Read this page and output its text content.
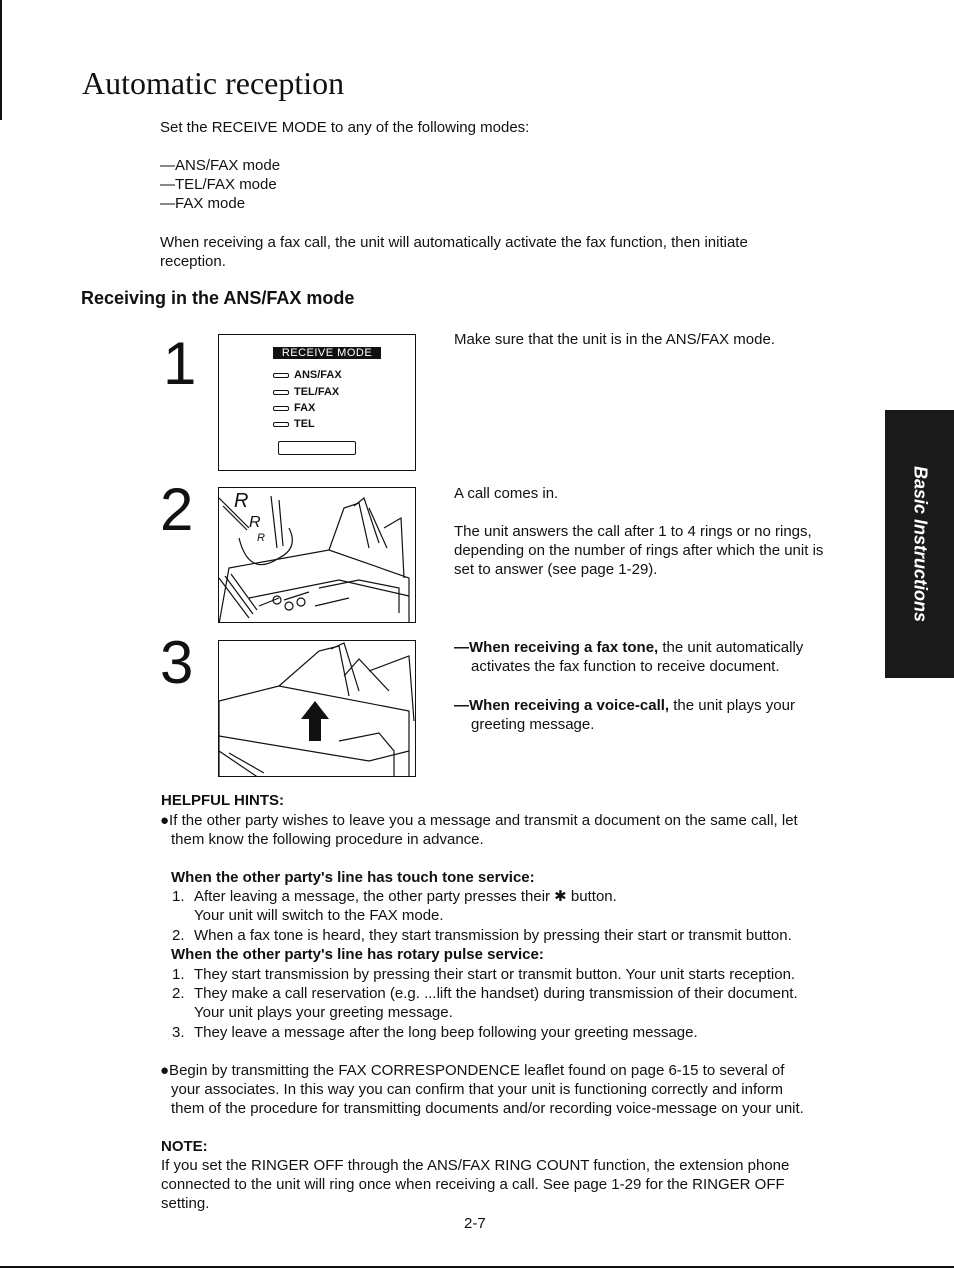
Automatic reception
Set the RECEIVE MODE to any of the following modes:
—ANS/FAX mode
—TEL/FAX mode
—FAX mode
When receiving a fax call, the unit will automatically activate the fax function, then initiate
reception.
Receiving in the ANS/FAX mode
Basic Instructions
1	RECEIVE MODE
ANS/FAX
TEL/FAX
FAX
TEL
Make sure that the unit is in the ANS/FAX mode.
2 R
R
R
A call comes in.
The unit answers the call after 1 to 4 rings or no rings,
depending on the number of rings after which the unit is
set to answer (see page 1-29).
3	—When receiving a fax tone, the unit automatically
activates the fax function to receive document.
—When receiving a voice-call, the unit plays your
greeting message.
HELPFUL HINTS:
●If the other party wishes to leave you a message and transmit a document on the same call, let
them know the following procedure in advance.
When the other party's line has touch tone service:
1. After leaving a message, the other party presses their ✱ button.
Your unit will switch to the FAX mode.
2. When a fax tone is heard, they start transmission by pressing their start or transmit button.
When the other party's line has rotary pulse service:
1. They start transmission by pressing their start or transmit button. Your unit starts reception.
2. They make a call reservation (e.g. ...lift the handset) during transmission of their document.
Your unit plays your greeting message.
3. They leave a message after the long beep following your greeting message.
●Begin by transmitting the FAX CORRESPONDENCE leaflet found on page 6-15 to several of
your associates. In this way you can confirm that your unit is functioning correctly and inform
them of the procedure for transmitting documents and/or recording voice-message on your unit.
NOTE:
If you set the RINGER OFF through the ANS/FAX RING COUNT function, the extension phone
connected to the unit will ring once when receiving a call. See page 1-29 for the RINGER OFF
setting.
2-7
